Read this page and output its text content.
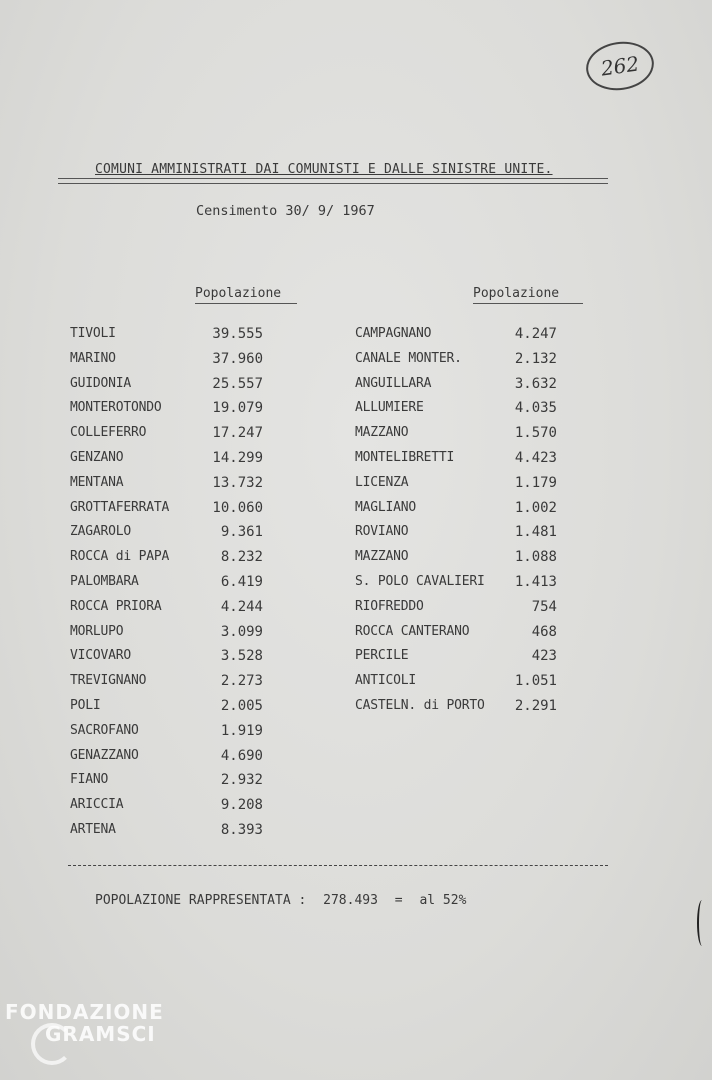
262
COMUNI AMMINISTRATI DAI COMUNISTI E DALLE SINISTRE UNITE.
Censimento 30/ 9/ 1967
Popolazione	Popolazione
TIVOLI	39.555
MARINO	37.960
GUIDONIA	25.557
MONTEROTONDO	19.079
COLLEFERRO	17.247
GENZANO	14.299
MENTANA	13.732
GROTTAFERRATA	10.060
ZAGAROLO	9.361
ROCCA di PAPA	8.232
PALOMBARA	6.419
ROCCA PRIORA	4.244
MORLUPO	3.099
VICOVARO	3.528
TREVIGNANO	2.273
POLI	2.005
SACROFANO	1.919
GENAZZANO	4.690
FIANO	2.932
ARICCIA	9.208
ARTENA	8.393
CAMPAGNANO	4.247
CANALE MONTER.	2.132
ANGUILLARA	3.632
ALLUMIERE	4.035
MAZZANO	1.570
MONTELIBRETTI	4.423
LICENZA	1.179
MAGLIANO	1.002
ROVIANO	1.481
MAZZANO	1.088
S. POLO CAVALIERI	1.413
RIOFREDDO	754
ROCCA CANTERANO	468
PERCILE	423
ANTICOLI	1.051
CASTELN. di PORTO	2.291
POPOLAZIONE RAPPRESENTATA : 278.493 = al 52%
FONDAZIONE
GRAMSCI
